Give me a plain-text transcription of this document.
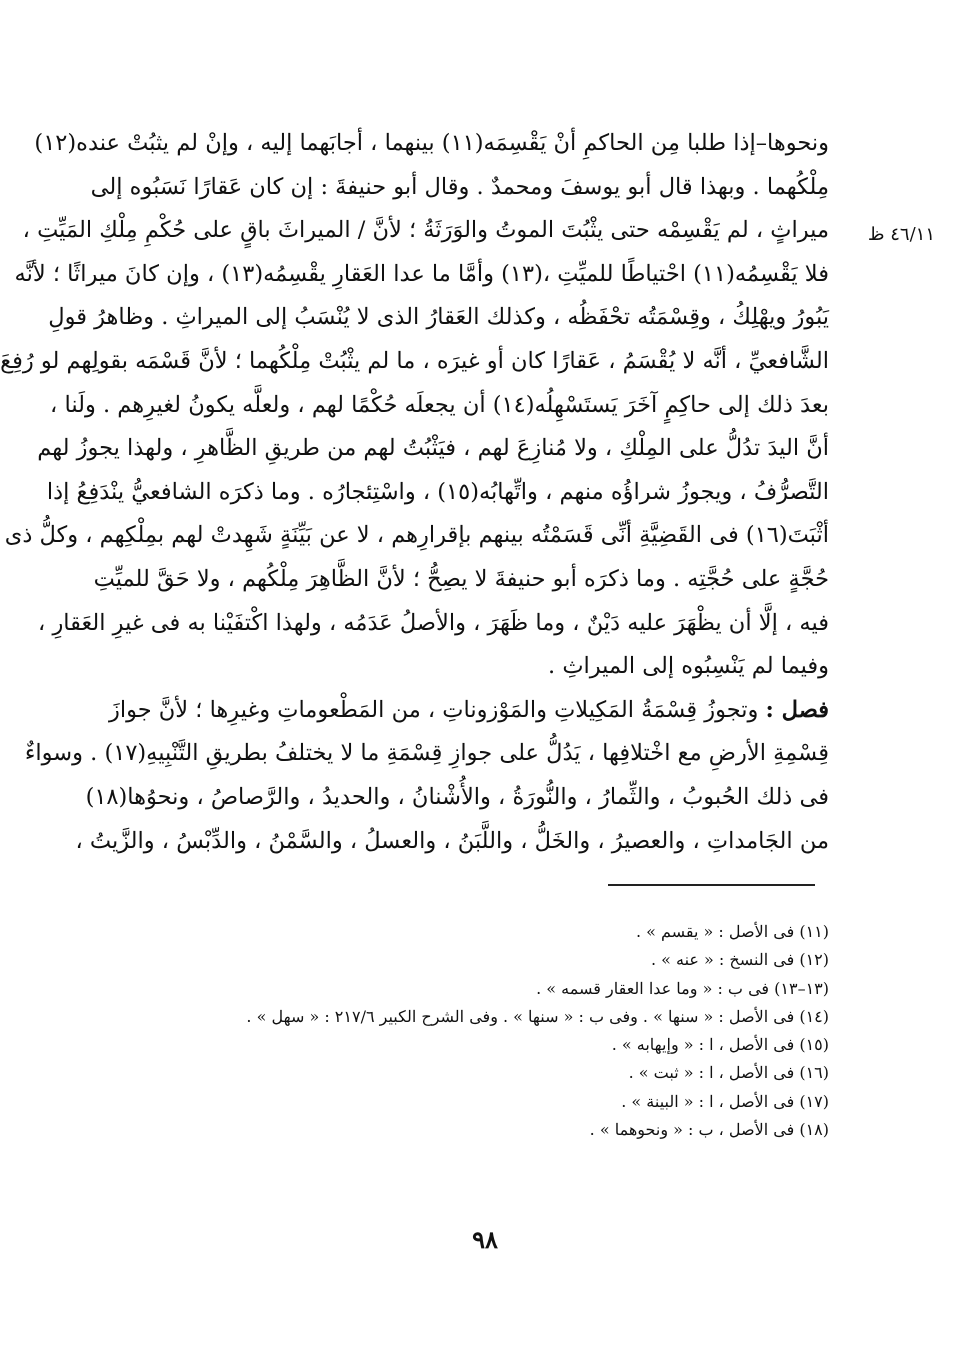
٤٦/١١ ظ
ونحوها–إذا طلبا مِن الحاكمِ أنْ يَقْسِمَه(١١) بينهما ، أجابَهما إليه ، وإنْ لم يثبُتْ عنده(١٢)
مِلْكُهما . وبهذا قال أبو يوسفَ ومحمدٌ . وقال أبو حنيفةَ : إن كان عَقارًا نَسَبُوه إلى
ميراثٍ ، لم يَقْسِمْه حتى يثْبُتَ الموتُ والوَرَثَةُ ؛ لأنَّ / الميراثَ باقٍ على حُكْمِ مِلْكِ المَيِّتِ ،
فلا يَقْسِمُه(١١) احْتياطًا للميِّتِ ،(١٣) وأمَّا ما عدا العَقارِ يقْسِمُه(١٣) ، وإن كانَ ميراثًا ؛ لأنَّه
يَبُورُ ويهْلِكُ ، وقِسْمَتُه تحْفَظُه ، وكذلك العَقارُ الذى لا يُنْسَبُ إلى الميراثِ . وظاهرُ قولِ
الشَّافعيِّ ، أنَّه لا يُقْسَمُ ، عَقارًا كان أو غيرَه ، ما لم يثْبُتْ مِلْكُهما ؛ لأنَّ قَسْمَه بقولِهم لو رُفِعَ
بعدَ ذلك إلى حاكِمٍ آخَرَ يَستَسْهِلُه(١٤) أن يجعلَه حُكْمًا لهم ، ولعلَّه يكونُ لغيرِهم . ولَنا ،
أنَّ اليدَ تدُلُّ على المِلْكِ ، ولا مُنازِعَ لهم ، فيَثْبُتُ لهم من طريقِ الظَّاهرِ ، ولهذا يجوزُ لهم
التَّصرُّفُ ، ويجوزُ شراؤُه منهم ، واتِّهابُه(١٥) ، واسْتِئجارُه . وما ذكرَه الشافعيُّ ينْدَفِعُ إذا
أثْبَتَ(١٦) فى القَضِيَّةِ أنِّى قَسَمْتُه بينهم بإقرارِهم ، لا عن بَيِّنَةٍ شَهِدتْ لهم بمِلْكِهم ، وكلُّ ذى
حُجَّةٍ على حُجَّتِه . وما ذكرَه أبو حنيفةَ لا يصِحُّ ؛ لأنَّ الظَّاهِرَ مِلْكُهم ، ولا حَقَّ للميِّتِ
فيه ، إلَّا أن يظْهَرَ عليه دَيْنٌ ، وما ظَهَرَ ، والأصلُ عَدَمُه ، ولهذا اكْتفَيْنا به فى غيرِ العَقارِ ،
وفيما لم يَنْسِبُوه إلى الميراثِ .
فصل : وتجوزُ قِسْمَةُ المَكِيلاتِ والمَوْزوناتِ ، من المَطْعوماتِ وغيرِها ؛ لأنَّ جوازَ
قِسْمِةِ الأرضِ مع اخْتلافِها ، يَدُلُّ على جوازِ قِسْمَةِ ما لا يختلفُ بطريقِ التَّنْبِيهِ(١٧) . وسواءٌ
فى ذلك الحُبوبُ ، والثِّمارُ ، والنُّورَةُ ، والأُشْنانُ ، والحديدُ ، والرَّصاصُ ، ونحوُها(١٨)
من الجَامداتِ ، والعصيرُ ، والخَلُّ ، واللَّبَنُ ، والعسلُ ، والسَّمْنُ ، والدِّبْسُ ، والزَّيتُ ،
(١١) فى الأصل : « يقسم » .
(١٢) فى النسخ : « عنه » .
(١٣–١٣) فى ب : « وما عدا العقار قسمه » .
(١٤) فى الأصل : « سنها » . وفى ب : « سنها » . وفى الشرح الكبير ٢١٧/٦ : « سهل » .
(١٥) فى الأصل ، ا : « وإيهابه » .
(١٦) فى الأصل ، ا : « ثبت » .
(١٧) فى الأصل ، ا : « البينة » .
(١٨) فى الأصل ، ب : « ونحوهما » .
٩٨
